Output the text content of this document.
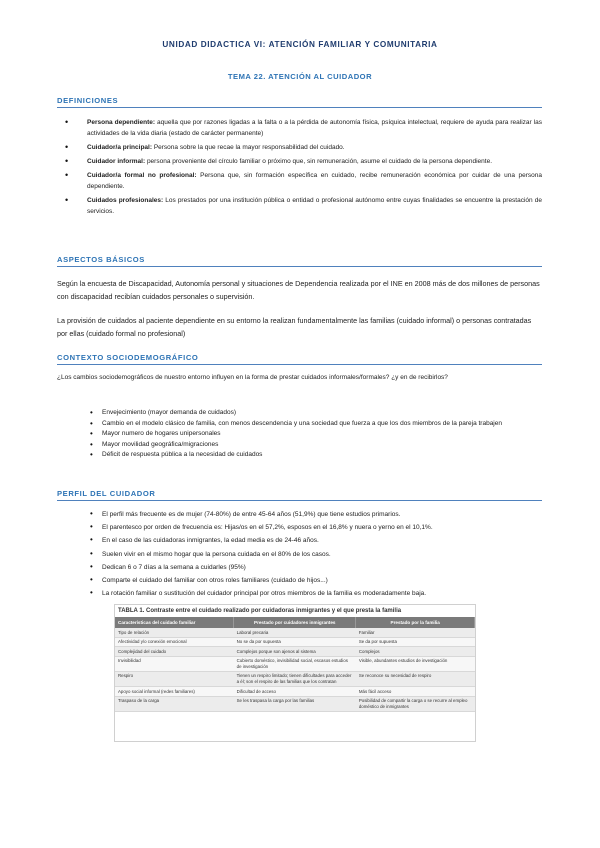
UNIDAD DIDACTICA VI: ATENCIÓN FAMILIAR Y COMUNITARIA
TEMA 22. ATENCIÓN AL CUIDADOR
DEFINICIONES
• Persona dependiente: aquella que por razones ligadas a la falta o a la pérdida de autonomía física, psíquica intelectual, requiere de ayuda para realizar las actividades de la vida diaria (estado de carácter permanente)
• Cuidador/a principal: Persona sobre la que recae la mayor responsabilidad del cuidado.
• Cuidador informal: persona proveniente del círculo familiar o próximo que, sin remuneración, asume el cuidado de la persona dependiente.
• Cuidador/a formal no profesional: Persona que, sin formación específica en cuidado, recibe remuneración económica por cuidar de una persona dependiente.
• Cuidados profesionales: Los prestados por una institución pública o entidad o profesional autónomo entre cuyas finalidades se encuentre la prestación de servicios.
ASPECTOS BÁSICOS
Según la encuesta de Discapacidad, Autonomía personal y situaciones de Dependencia realizada por el INE en 2008 más de dos millones de personas con discapacidad recibían cuidados personales o supervisión.
La provisión de cuidados al paciente dependiente en su entorno la realizan fundamentalmente las familias (cuidado informal) o personas contratadas por ellas (cuidado formal no profesional)
CONTEXTO SOCIODEMOGRÁFICO
¿Los cambios sociodemográficos de nuestro entorno influyen en la forma de prestar cuidados informales/formales? ¿y en de recibirlos?
• Envejecimiento (mayor demanda de cuidados)
• Cambio en el modelo clásico de familia, con menos descendencia y una sociedad que fuerza a que los dos miembros de la pareja trabajen
• Mayor numero de hogares unipersonales
• Mayor movilidad geográfica/migraciones
• Déficit de respuesta pública a la necesidad de cuidados
PERFIL DEL CUIDADOR
• El perfil más frecuente es de mujer (74-80%) de entre 45-64 años (51,9%) que tiene estudios primarios.
• El parentesco por orden de frecuencia es: Hijas/os en el 57,2%, esposos en el 16,8% y nuera o yerno en el 10,1%.
• En el caso de las cuidadoras inmigrantes, la edad media es de 24-46 años.
• Suelen vivir en el mismo hogar que la persona cuidada en el 80% de los casos.
• Dedican 6 o 7 días a la semana a cuidarles (95%)
• Comparte el cuidado del familiar con otros roles familiares (cuidado de hijos...)
• La rotación familiar o sustitución del cuidador principal por otros miembros de la familia es moderadamente baja.
TABLA 1. Contraste entre el cuidado realizado por cuidadoras inmigrantes y el que presta la familia
Características del cuidado familiar	Prestado por cuidadores inmigrantes	Prestado por la familia
Tipo de relación	Laboral precaria	Familiar
Afectividad y/o conexión emocional	No se da por supuesta	Se da por supuesta
Complejidad del cuidado	Complejos porque son ajenos al sistema	Complejos
Invisibilidad	Cubierto doméstico, invisibilidad social, escasos estudios de investigación	Visible, abundantes estudios de investigación
Respiro	Tienen un respiro limitado; tienen dificultades para acceder a él; son el respiro de las familias que los contratan	Se reconoce su necesidad de respiro
Apoyo social informal (redes familiares)	Dificultad de acceso	Más fácil acceso
Traspaso de la carga	Se les traspasa la carga por las familias	Posibilidad de compartir la carga o se recurre al empleo doméstico de inmigrantes
